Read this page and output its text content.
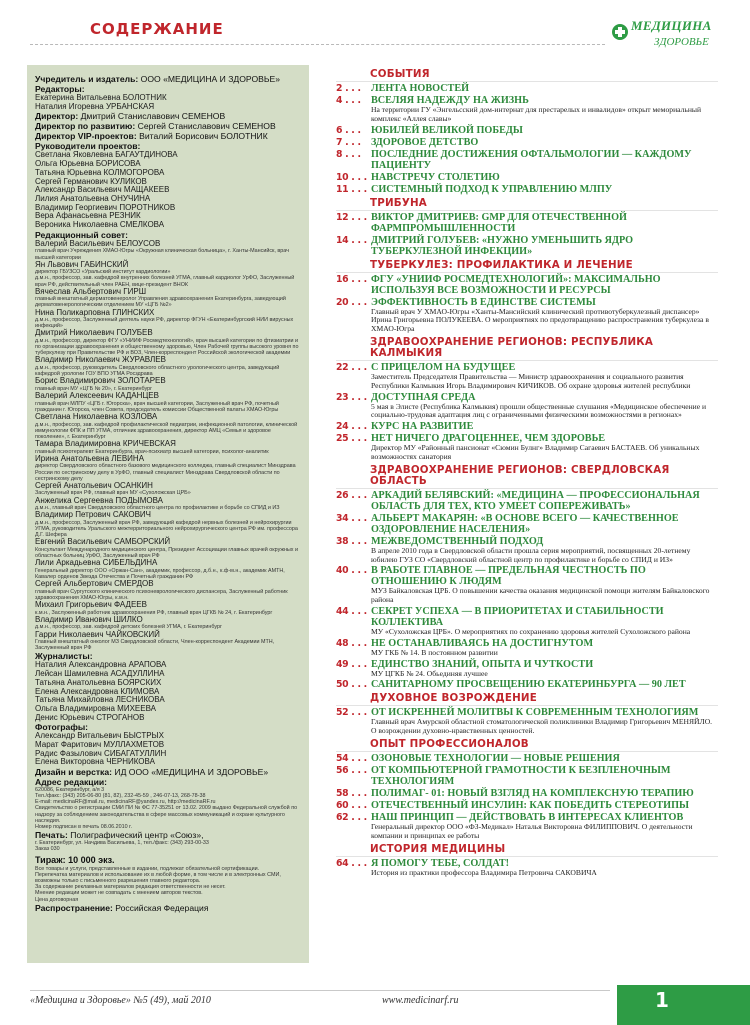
СОДЕРЖАНИЕ	МЕДИЦИНА
ЗДОРОВЬЕ
Учредитель и издатель: ООО «МЕДИЦИНА И ЗДОРОВЬЕ»
Редакторы:
Екатерина Витальевна БОЛОТНИК
Наталия Игоревна УРБАНСКАЯ
Директор: Дмитрий Станиславович СЕМЕНОВ
Директор по развитию: Сергей Станиславович СЕМЕНОВ
Директор VIP-проектов: Виталий Борисович БОЛОТНИК
Руководители проектов:
Светлана Яковлевна БАГАУТДИНОВА
Ольга Юрьевна БОРИСОВА
Татьяна Юрьевна КОЛМОГОРОВА
Сергей Германович КУЛИКОВ
Александр Васильевич МАЩАКЕЕВ
Лилия Анатольевна ОНУЧИНА
Владимир Георгиевич ПОРОТНИКОВ
Вера Афанасьевна РЕЗНИК
Вероника Николаевна СМЕЛКОВА
Редакционный совет:
Валерий Васильевич БЕЛОУСОВ
главный врач Учреждения ХМАО-Югры «Окружная клиническая больница», г. Ханты-Мансийск, врач высшей категории
Ян Львович ГАБИНСКИЙ
директор ГБУЗСО «Уральский институт кардиологии»
д.м.н., профессор, зав. кафедрой внутренних болезней УГМА, главный кардиолог УрФО, Заслуженный врач РФ, действительный член РАЕН, вице-президент ВНОК
Вячеслав Альбертович ГИРШ
главный внештатный дерматовенеролог Управления здравоохранения Екатеринбурга, заведующий дерматовенерологическим отделением МУ «ЦГБ №2»
Нина Поликарповна ГЛИНСКИХ
д.м.н., профессор, Заслуженный деятель науки РФ, директор ФГУН «Екатеринбургский НИИ вирусных инфекций»
Дмитрий Николаевич ГОЛУБЕВ
д.м.н., профессор, директор ФГУ «УНИИФ Росмедтехнологий», врач высшей категории по фтизиатрии и по организации здравоохранения и общественному здоровью, Член Рабочей группы высокого уровня по туберкулезу при Правительстве РФ и ВОЗ, Член-корреспондент Российской экологической академии
Владимир Николаевич ЖУРАВЛЕВ
д.м.н., профессор, руководитель Свердловского областного урологического центра, заведующий кафедрой урологии ГОУ ВПО УГМА Росздрава
Борис Владимирович ЗОЛОТАРЕВ
главный врач МУ «ЦГБ № 20», г. Екатеринбург
Валерий Алексеевич КАДАНЦЕВ
главный врач МЛПУ «ЦГБ г. Югорска», врач высшей категории, Заслуженный врач РФ, почетный гражданин г. Югорска, член Совета, председатель комиссии Общественной палаты ХМАО-Югры
Светлана Николаевна КОЗЛОВА
д.м.н., профессор, зав. кафедрой профилактической педиатрии, инфекционной патологии, клинической иммунологии ФПК и ПП УГМА, отличник здравоохранения, директор АМЦ «Семья и здоровое поколение», г. Екатеринбург
Тамара Владимировна КРИЧЕВСКАЯ
главный психотерапевт Екатеринбурга, врач-психиатр высшей категории, психолог-аналитик
Ирина Анатольевна ЛЕВИНА
директор Свердловского областного базового медицинского колледжа, главный специалист Минздрава России по сестринскому делу в УрФО, главный специалист Минздрава Свердловской области по сестринскому делу
Сергей Анатольевич ОСАНКИН
Заслуженный врач РФ, главный врач МУ «Сухоложская ЦРБ»
Анжелика Сергеевна ПОДЫМОВА
д.м.н., главный врач Свердловского областного центра по профилактике и борьбе со СПИД и ИЗ
Владимир Петрович САКОВИЧ
д.м.н., профессор, Заслуженный врач РФ, заведующий кафедрой нервных болезней и нейрохирургии УГМА, руководитель Уральского межтерриториального нейрохирургического центра РФ им. профессора Д.Г. Шефера
Евгений Васильевич САМБОРСКИЙ
Консультант Международного медицинского центра, Президент Ассоциации главных врачей окружных и областных больниц УрФО, Заслуженный врач РФ
Лили Аркадьевна СИБЕЛЬДИНА
Генеральный директор ООО «Оржан-Сан», академик, профессор, д.б.н., к.ф-м.н., академик АМТН, Кавалер орденов Звезда Отечества и Почетный гражданин РФ
Сергей Альбертович СМЕРДОВ
главный врач Сургутского клинического психоневрологического диспансера, Заслуженный работник здравоохранения ХМАО-Югры, к.м.н.
Михаил Григорьевич ФАДЕЕВ
к.м.н., Заслуженный работник здравоохранения РФ, главный врач ЦГКБ № 24, г. Екатеринбург
Владимир Иванович ШИЛКО
д.м.н., профессор, зав. кафедрой детских болезней УГМА, г. Екатеринбург
Гарри Николаевич ЧАЙКОВСКИЙ
Главный внештатный онколог МЗ Свердловской области, Член-корреспондент Академии МТН, Заслуженный врач РФ
Журналисты:
Наталия Александровна АРАПОВА
Лейсан Шамилевна АСАДУЛЛИНА
Татьяна Анатольевна БОЯРСКИХ
Елена Александровна КЛИМОВА
Татьяна Михайловна ЛЕСНИКОВА
Ольга Владимировна МИХЕЕВА
Денис Юрьевич СТРОГАНОВ
Фотографы:
Александр Витальевич БЫСТРЫХ
Марат Фаритович МУЛЛАХМЕТОВ
Радис Фазылович СИБАГАТУЛЛИН
Елена Викторовна ЧЕРНИКОВА
Дизайн и верстка: ИД ООО «МЕДИЦИНА И ЗДОРОВЬЕ»
Адрес редакции:
620086, Екатеринбург, а/я 3
Тел./факс: (343) 205-06-80 (81, 82), 232-45-59 , 246-07-13, 268-78-38
E-mail: medicinaRF@mail.ru, medicinaRF@yandex.ru, http://medicinaRF.ru
Свидетельство о регистрации СМИ ПИ № ФС 77-35251 от 13.02. 2009 выдано Федеральной службой по надзору за соблюдением законодательства в сфере массовых коммуникаций и охране культурного наследия.
Номер подписан в печать 08.06.2010 г.
Печать: Полиграфический центр «Союз»,
г. Екатеринбург, ул. Начдива Васильева, 1, тел./факс: (343) 293-00-33
Заказ 030
Тираж: 10 000 экз.
Все товары и услуги, представленные в издании, подлежат обязательной сертификации.
Перепечатка материалов и использование их в любой форме, в том числе и в электронных СМИ, возможны только с письменного разрешения главного редактора.
За содержание рекламных материалов редакция ответственности не несет.
Мнение редакции может не совпадать с мнением авторов текстов.
Цена договорная
Распространение: Российская Федерация
СОБЫТИЯ
2 . . . ЛЕНТА НОВОСТЕЙ
4 . . . ВСЕЛЯЯ НАДЕЖДУ НА ЖИЗНЬ
На территории ГУ «Энгельсский дом-интернат для престарелых и инвалидов» открыт мемориальный комплекс «Аллея славы»
6 . . . ЮБИЛЕЙ ВЕЛИКОЙ ПОБЕДЫ
7 . . . ЗДОРОВОЕ ДЕТСТВО
8 . . . ПОСЛЕДНИЕ ДОСТИЖЕНИЯ ОФТАЛЬМОЛОГИИ — КАЖДОМУ ПАЦИЕНТУ
10 . . . НАВСТРЕЧУ СТОЛЕТИЮ
11 . . . СИСТЕМНЫЙ ПОДХОД К УПРАВЛЕНИЮ МЛПУ
ТРИБУНА
12 . . . ВИКТОР ДМИТРИЕВ: GMP ДЛЯ ОТЕЧЕСТВЕННОЙ ФАРМПРОМЫШЛЕННОСТИ
14 . . . ДМИТРИЙ ГОЛУБЕВ: «НУЖНО УМЕНЬШИТЬ ЯДРО ТУБЕРКУЛЕЗНОЙ ИНФЕКЦИИ»
ТУБЕРКУЛЕЗ: ПРОФИЛАКТИКА И ЛЕЧЕНИЕ
16 . . . ФГУ «УНИИФ РОСМЕДТЕХНОЛОГИЙ»: МАКСИМАЛЬНО ИСПОЛЬЗУЯ ВСЕ ВОЗМОЖНОСТИ И РЕСУРСЫ
20 . . . ЭФФЕКТИВНОСТЬ В ЕДИНСТВЕ СИСТЕМЫ
Главный врач У ХМАО-Югры «Ханты-Мансийский клинический противотуберкулезный диспансер» Ирина Григорьевна ПОЛУКЕЕВА. О мероприятиях по предотвращению распространения туберкулеза в ХМАО-Югра
ЗДРАВООХРАНЕНИЕ РЕГИОНОВ: РЕСПУБЛИКА КАЛМЫКИЯ
22 . . . С ПРИЦЕЛОМ НА БУДУЩЕЕ
Заместитель Председателя Правительства — Министр здравоохранения и социального развития Республики Калмыкия Игорь Владимирович КИЧИКОВ. Об охране здоровья жителей республики
23 . . . ДОСТУПНАЯ СРЕДА
5 мая в Элисте (Республика Калмыкия) прошли общественные слушания «Медицинское обеспечение и социально-трудовая адаптация лиц с ограниченными физическими возможностями в регионах»
24 . . . КУРС НА РАЗВИТИЕ
25 . . . НЕТ НИЧЕГО ДРАГОЦЕННЕЕ, ЧЕМ ЗДОРОВЬЕ
Директор МУ «Районный пансионат «Сюмин Булнг» Владимир Сагаевич БАСТАЕВ. Об уникальных возможностях санатория
ЗДРАВООХРАНЕНИЕ РЕГИОНОВ: СВЕРДЛОВСКАЯ ОБЛАСТЬ
26 . . . АРКАДИЙ БЕЛЯВСКИЙ: «МЕДИЦИНА — ПРОФЕССИОНАЛЬНАЯ ОБЛАСТЬ ДЛЯ ТЕХ, КТО УМЕЕТ СОПЕРЕЖИВАТЬ»
34 . . . АЛЬБЕРТ МАКАРЯН: «В ОСНОВЕ ВСЕГО — КАЧЕСТВЕННОЕ ОЗДОРОВЛЕНИЕ НАСЕЛЕНИЯ»
38 . . . МЕЖВЕДОМСТВЕННЫЙ ПОДХОД
В апреле 2010 года в Свердловской области прошла серия мероприятий, посвященных 20-летнему юбилею ГУЗ СО «Свердловский областной центр по профилактике и борьбе со СПИД и ИЗ»
40 . . . В РАБОТЕ ГЛАВНОЕ — ПРЕДЕЛЬНАЯ ЧЕСТНОСТЬ ПО ОТНОШЕНИЮ К ЛЮДЯМ
МУЗ Байкаловская ЦРБ. О повышении качества оказания медицинской помощи жителям Байкаловского района
44 . . . СЕКРЕТ УСПЕХА — В ПРИОРИТЕТАХ И СТАБИЛЬНОСТИ КОЛЛЕКТИВА
МУ «Сухоложская ЦРБ». О мероприятиях по сохранению здоровья жителей Сухоложского района
48 . . . НЕ ОСТАНАВЛИВАЯСЬ НА ДОСТИГНУТОМ
МУ ГКБ № 14. В постоянном развитии
49 . . . ЕДИНСТВО ЗНАНИЙ, ОПЫТА И ЧУТКОСТИ
МУ ЦГКБ № 24. Обьединяя лучшее
50 . . . САНИТАРНОМУ ПРОСВЕЩЕНИЮ ЕКАТЕРИНБУРГА — 90 ЛЕТ
ДУХОВНОЕ ВОЗРОЖДЕНИЕ
52 . . . ОТ ИСКРЕННЕЙ МОЛИТВЫ К СОВРЕМЕННЫМ ТЕХНОЛОГИЯМ
Главный врач Амурской областной стоматологической поликлиники Владимир Григорьевич МЕНЯЙЛО. О возрождении духовно-нравственных ценностей.
ОПЫТ ПРОФЕССИОНАЛОВ
54 . . . ОЗОНОВЫЕ ТЕХНОЛОГИИ — НОВЫЕ РЕШЕНИЯ
56 . . . ОТ КОМПЬЮТЕРНОЙ ГРАМОТНОСТИ К БЕЗПЛЕНОЧНЫМ ТЕХНОЛОГИЯМ
58 . . . ПОЛИМАГ- 01: НОВЫЙ ВЗГЛЯД НА КОМПЛЕКСНУЮ ТЕРАПИЮ
60 . . . ОТЕЧЕСТВЕННЫЙ ИНСУЛИН: КАК ПОБЕДИТЬ СТЕРЕОТИПЫ
62 . . . НАШ ПРИНЦИП — ДЕЙСТВОВАТЬ В ИНТЕРЕСАХ КЛИЕНТОВ
Генеральный директор ООО «ФЗ-Медикал» Наталья Викторовна ФИЛИППОВИЧ. О деятельности компании и принципах ее работы
ИСТОРИЯ МЕДИЦИНЫ
64 . . . Я ПОМОГУ ТЕБЕ, СОЛДАТ!
История из практики профессора Владимира Петровича САКОВИЧА
«Медицина и Здоровье» №5 (49), май 2010	www.medicinarf.ru	1
